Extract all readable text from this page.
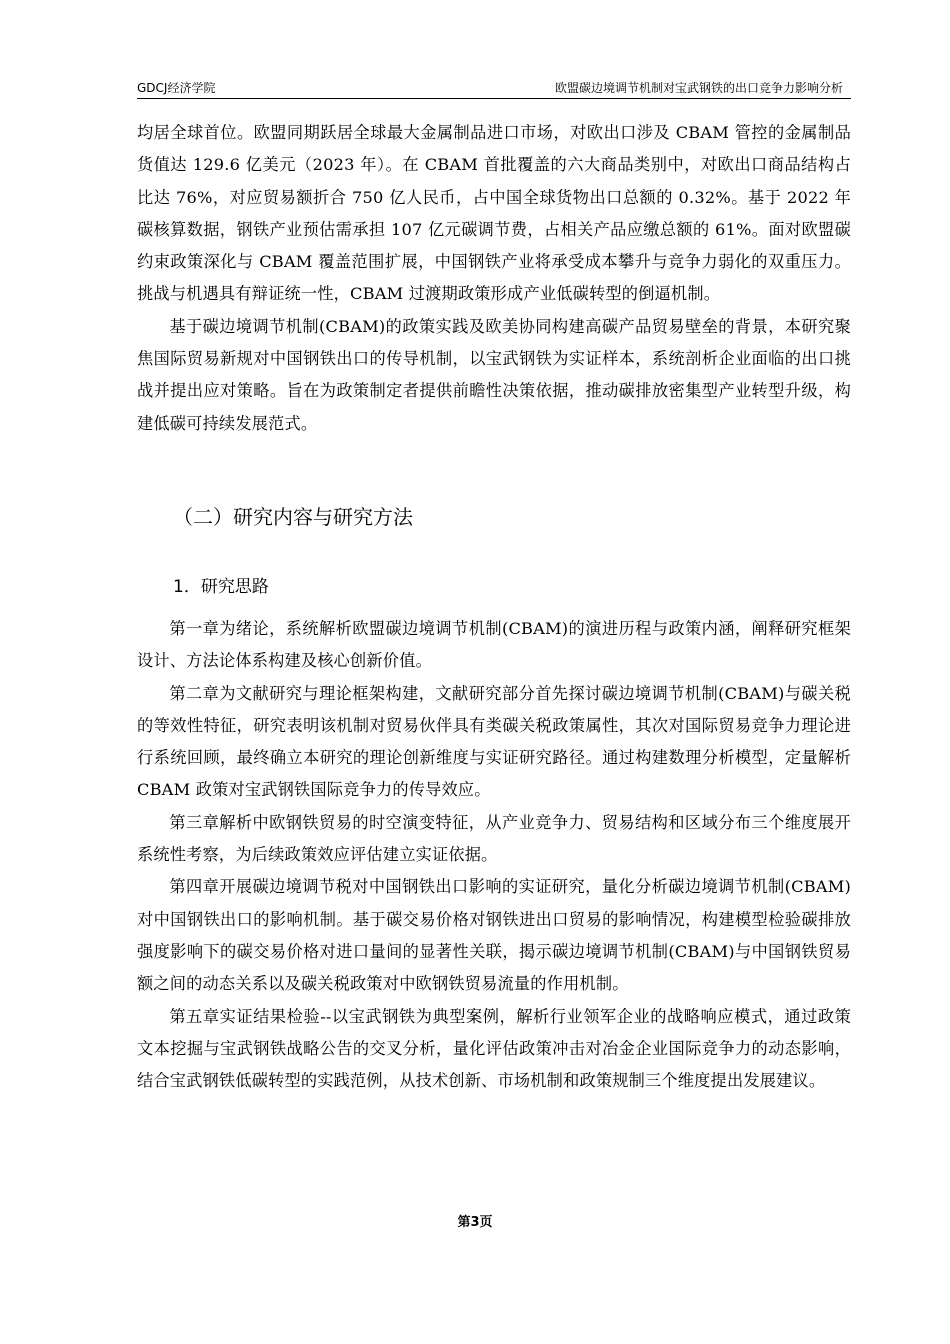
GDCJ经济学院	欧盟碳边境调节机制对宝武钢铁的出口竞争力影响分析

均居全球首位。欧盟同期跃居全球最大金属制品进口市场，对欧出口涉及 CBAM 管控的金属制品货值达 129.6 亿美元（2023 年）。在 CBAM 首批覆盖的六大商品类别中，对欧出口商品结构占比达 76%，对应贸易额折合 750 亿人民币，占中国全球货物出口总额的 0.32%。基于 2022 年碳核算数据，钢铁产业预估需承担 107 亿元碳调节费，占相关产品应缴总额的 61%。面对欧盟碳约束政策深化与 CBAM 覆盖范围扩展，中国钢铁产业将承受成本攀升与竞争力弱化的双重压力。挑战与机遇具有辩证统一性，CBAM 过渡期政策形成产业低碳转型的倒逼机制。

基于碳边境调节机制(CBAM)的政策实践及欧美协同构建高碳产品贸易壁垒的背景，本研究聚焦国际贸易新规对中国钢铁出口的传导机制，以宝武钢铁为实证样本，系统剖析企业面临的出口挑战并提出应对策略。旨在为政策制定者提供前瞻性决策依据，推动碳排放密集型产业转型升级，构建低碳可持续发展范式。

（二）研究内容与研究方法
1．研究思路

第一章为绪论，系统解析欧盟碳边境调节机制(CBAM)的演进历程与政策内涵，阐释研究框架设计、方法论体系构建及核心创新价值。

第二章为文献研究与理论框架构建，文献研究部分首先探讨碳边境调节机制(CBAM)与碳关税的等效性特征，研究表明该机制对贸易伙伴具有类碳关税政策属性，其次对国际贸易竞争力理论进行系统回顾，最终确立本研究的理论创新维度与实证研究路径。通过构建数理分析模型，定量解析 CBAM 政策对宝武钢铁国际竞争力的传导效应。

第三章解析中欧钢铁贸易的时空演变特征，从产业竞争力、贸易结构和区域分布三个维度展开系统性考察，为后续政策效应评估建立实证依据。

第四章开展碳边境调节税对中国钢铁出口影响的实证研究，量化分析碳边境调节机制(CBAM)对中国钢铁出口的影响机制。基于碳交易价格对钢铁进出口贸易的影响情况，构建模型检验碳排放强度影响下的碳交易价格对进口量间的显著性关联，揭示碳边境调节机制(CBAM)与中国钢铁贸易额之间的动态关系以及碳关税政策对中欧钢铁贸易流量的作用机制。

第五章实证结果检验--以宝武钢铁为典型案例，解析行业领军企业的战略响应模式，通过政策文本挖掘与宝武钢铁战略公告的交叉分析，量化评估政策冲击对冶金企业国际竞争力的动态影响，结合宝武钢铁低碳转型的实践范例，从技术创新、市场机制和政策规制三个维度提出发展建议。

第3页
